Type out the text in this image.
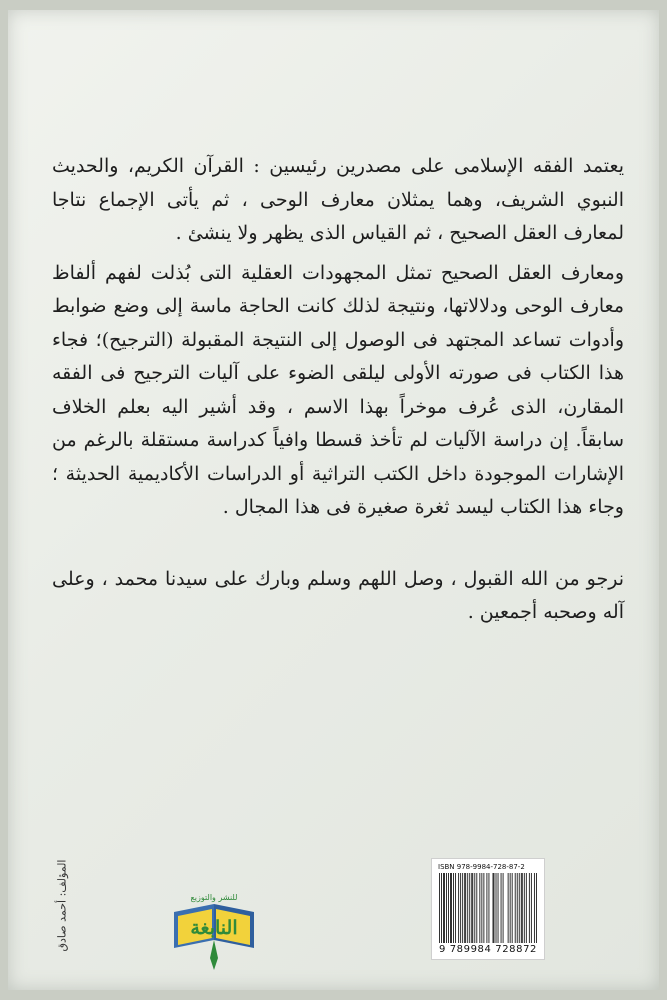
يعتمد الفقه الإسلامى على مصدرين رئيسين : القرآن الكريم، والحديث النبوي الشريف، وهما يمثلان معارف الوحى ، ثم يأتى الإجماع نتاجا لمعارف العقل الصحيح ، ثم القياس الذى يظهر ولا ينشئ .

ومعارف العقل الصحيح تمثل المجهودات العقلية التى بُذلت لفهم ألفاظ معارف الوحى ودلالاتها، ونتيجة لذلك كانت الحاجة ماسة إلى وضع ضوابط وأدوات تساعد المجتهد فى الوصول إلى النتيجة المقبولة (الترجيح)؛ فجاء هذا الكتاب فى صورته الأولى ليلقى الضوء على آليات الترجيح فى الفقه المقارن، الذى عُرف موخراً بهذا الاسم ، وقد أشير اليه بعلم الخلاف سابقاً. إن دراسة الآليات لم تأخذ قسطا وافياً كدراسة مستقلة بالرغم من الإشارات الموجودة داخل الكتب التراثية أو الدراسات الأكاديمية الحديثة ؛ وجاء هذا الكتاب ليسد ثغرة صغيرة فى هذا المجال .

نرجو من الله القبول ، وصل اللهم وسلم وبارك على سيدنا محمد ، وعلى آله وصحبه أجمعين .

المؤلف: أحمد صادق	للنشر والتوزيع
النابغة
ISBN 978-9984-728-87-2
9 789984 728872
